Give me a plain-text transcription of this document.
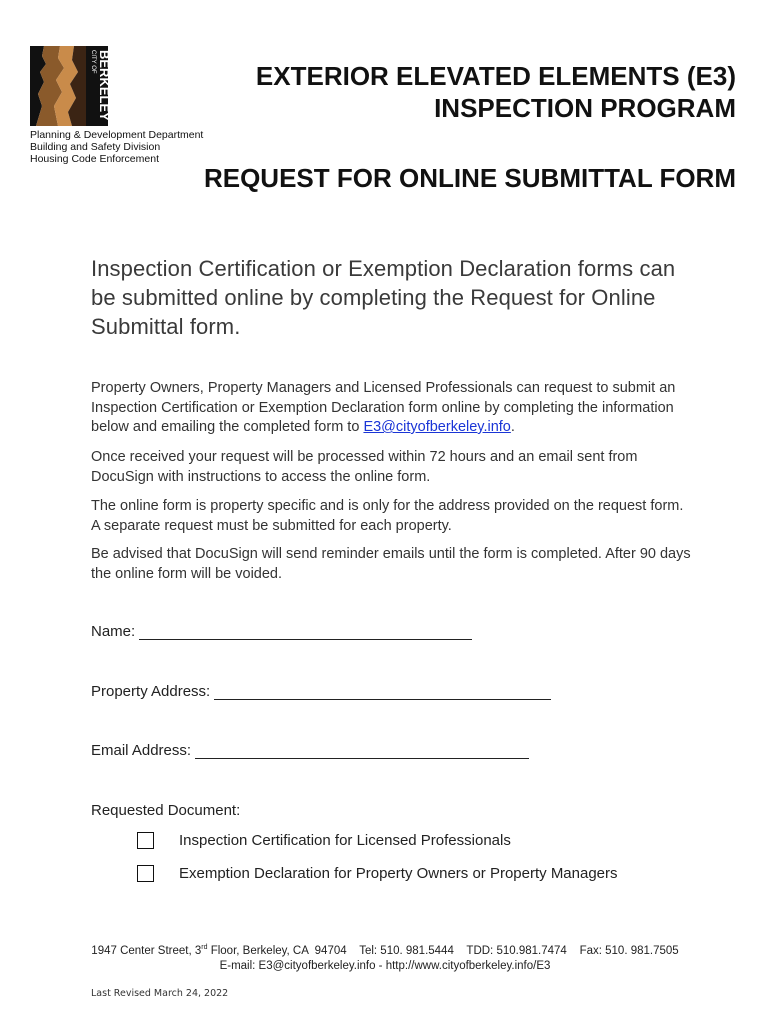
CITY OF BERKELEY
Planning & Development Department
Building and Safety Division
Housing Code Enforcement
EXTERIOR ELEVATED ELEMENTS (E3)
INSPECTION PROGRAM
REQUEST FOR ONLINE SUBMITTAL FORM
Inspection Certification or Exemption Declaration forms can be submitted online by completing the Request for Online Submittal form.
Property Owners, Property Managers and Licensed Professionals can request to submit an Inspection Certification or Exemption Declaration form online by completing the information below and emailing the completed form to E3@cityofberkeley.info.
Once received your request will be processed within 72 hours and an email sent from DocuSign with instructions to access the online form.
The online form is property specific and is only for the address provided on the request form. A separate request must be submitted for each property.
Be advised that DocuSign will send reminder emails until the form is completed. After 90 days the online form will be voided.
Name:
Property Address:
Email Address:
Requested Document:
Inspection Certification for Licensed Professionals
Exemption Declaration for Property Owners or Property Managers
1947 Center Street, 3rd Floor, Berkeley, CA  94704    Tel: 510. 981.5444    TDD: 510.981.7474    Fax: 510. 981.7505
E-mail: E3@cityofberkeley.info - http://www.cityofberkeley.info/E3
Last Revised March 24, 2022
